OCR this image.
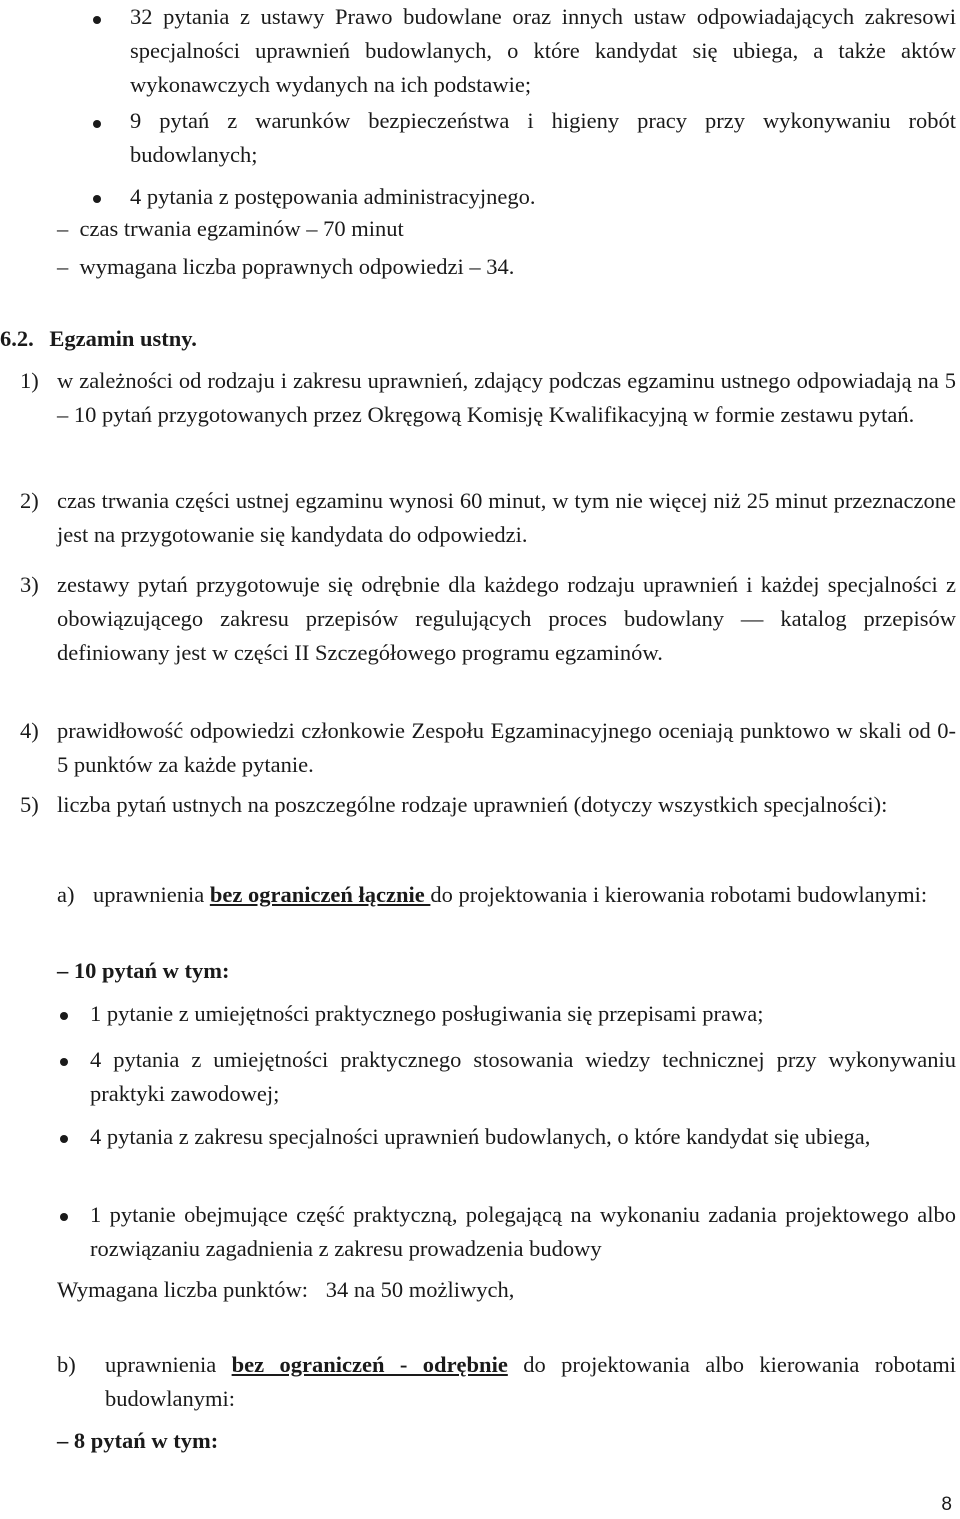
32 pytania z ustawy Prawo budowlane oraz innych ustaw odpowiadających zakresowi specjalności uprawnień budowlanych, o które kandydat się ubiega, a także aktów wykonawczych wydanych na ich podstawie;
9 pytań z warunków bezpieczeństwa i higieny pracy przy wykonywaniu robót budowlanych;
4 pytania z postępowania administracyjnego.
–  czas trwania egzaminów – 70 minut
–  wymagana liczba poprawnych odpowiedzi – 34.
6.2. Egzamin ustny.
1) w zależności od rodzaju i zakresu uprawnień, zdający podczas egzaminu ustnego odpowiadają na 5 – 10 pytań przygotowanych przez Okręgową Komisję Kwalifikacyjną w formie zestawu pytań.
2) czas trwania części ustnej egzaminu wynosi 60 minut, w tym nie więcej niż 25 minut przeznaczone jest na przygotowanie się kandydata do odpowiedzi.
3) zestawy pytań przygotowuje się odrębnie dla każdego rodzaju uprawnień i każdej specjalności z obowiązującego zakresu przepisów regulujących proces budowlany — katalog przepisów definiowany jest w części II Szczegółowego programu egzaminów.
4) prawidłowość odpowiedzi członkowie Zespołu Egzaminacyjnego oceniają punktowo w skali od 0-5 punktów za każde pytanie.
5) liczba pytań ustnych na poszczególne rodzaje uprawnień (dotyczy wszystkich specjalności):
a) uprawnienia bez ograniczeń łącznie do projektowania i kierowania robotami budowlanymi:
– 10 pytań w tym:
1 pytanie z umiejętności praktycznego posługiwania się przepisami prawa;
4 pytania z umiejętności praktycznego stosowania wiedzy technicznej przy wykonywaniu praktyki zawodowej;
4 pytania z zakresu specjalności uprawnień budowlanych, o które kandydat się ubiega,
1 pytanie obejmujące część praktyczną, polegającą na wykonaniu zadania projektowego albo rozwiązaniu zagadnienia z zakresu prowadzenia budowy
Wymagana liczba punktów: 34 na 50 możliwych,
b) uprawnienia bez ograniczeń - odrębnie do projektowania albo kierowania robotami budowlanymi:
– 8 pytań w tym:
8
